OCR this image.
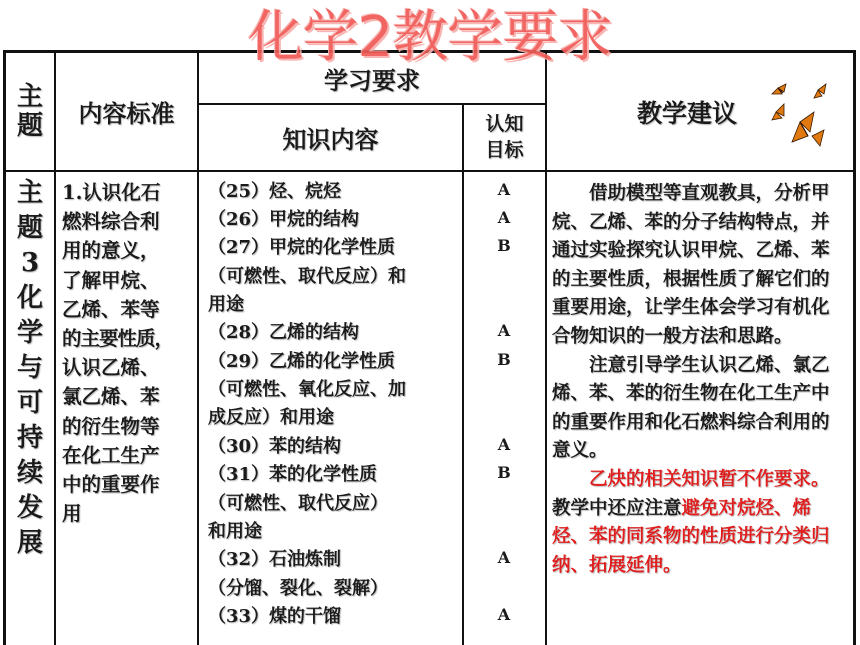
化学2教学要求
主
题	内容标准
学习要求
知识内容
认知
目标
教学建议
主
题
3
化
学
与
可
持
续
发
展
1.认识化石
燃料综合利
用的意义，
了解甲烷、
乙烯、苯等
的主要性质，
认识乙烯、
氯乙烯、苯
的衍生物等
在化工生产
中的重要作
用
（25）烃、烷烃
（26）甲烷的结构
（27）甲烷的化学性质
（可燃性、取代反应）和
用途
（28）乙烯的结构
（29）乙烯的化学性质
（可燃性、氧化反应、加
成反应）和用途
（30）苯的结构
（31）苯的化学性质
（可燃性、取代反应）
和用途
（32）石油炼制
（分馏、裂化、裂解）
（33）煤的干馏
A
A
B
A
B
A
B
A
A

借助模型等直观教具，分析甲烷、乙烯、苯的分子结构特点，并通过实验探究认识甲烷、乙烯、苯的主要性质，根据性质了解它们的重要用途，让学生体会学习有机化合物知识的一般方法和思路。

注意引导学生认识乙烯、氯乙烯、苯、苯的衍生物在化工生产中的重要作用和化石燃料综合利用的意义。

乙炔的相关知识暂不作要求。教学中还应注意避免对烷烃、烯烃、苯的同系物的性质进行分类归纳、拓展延伸。
